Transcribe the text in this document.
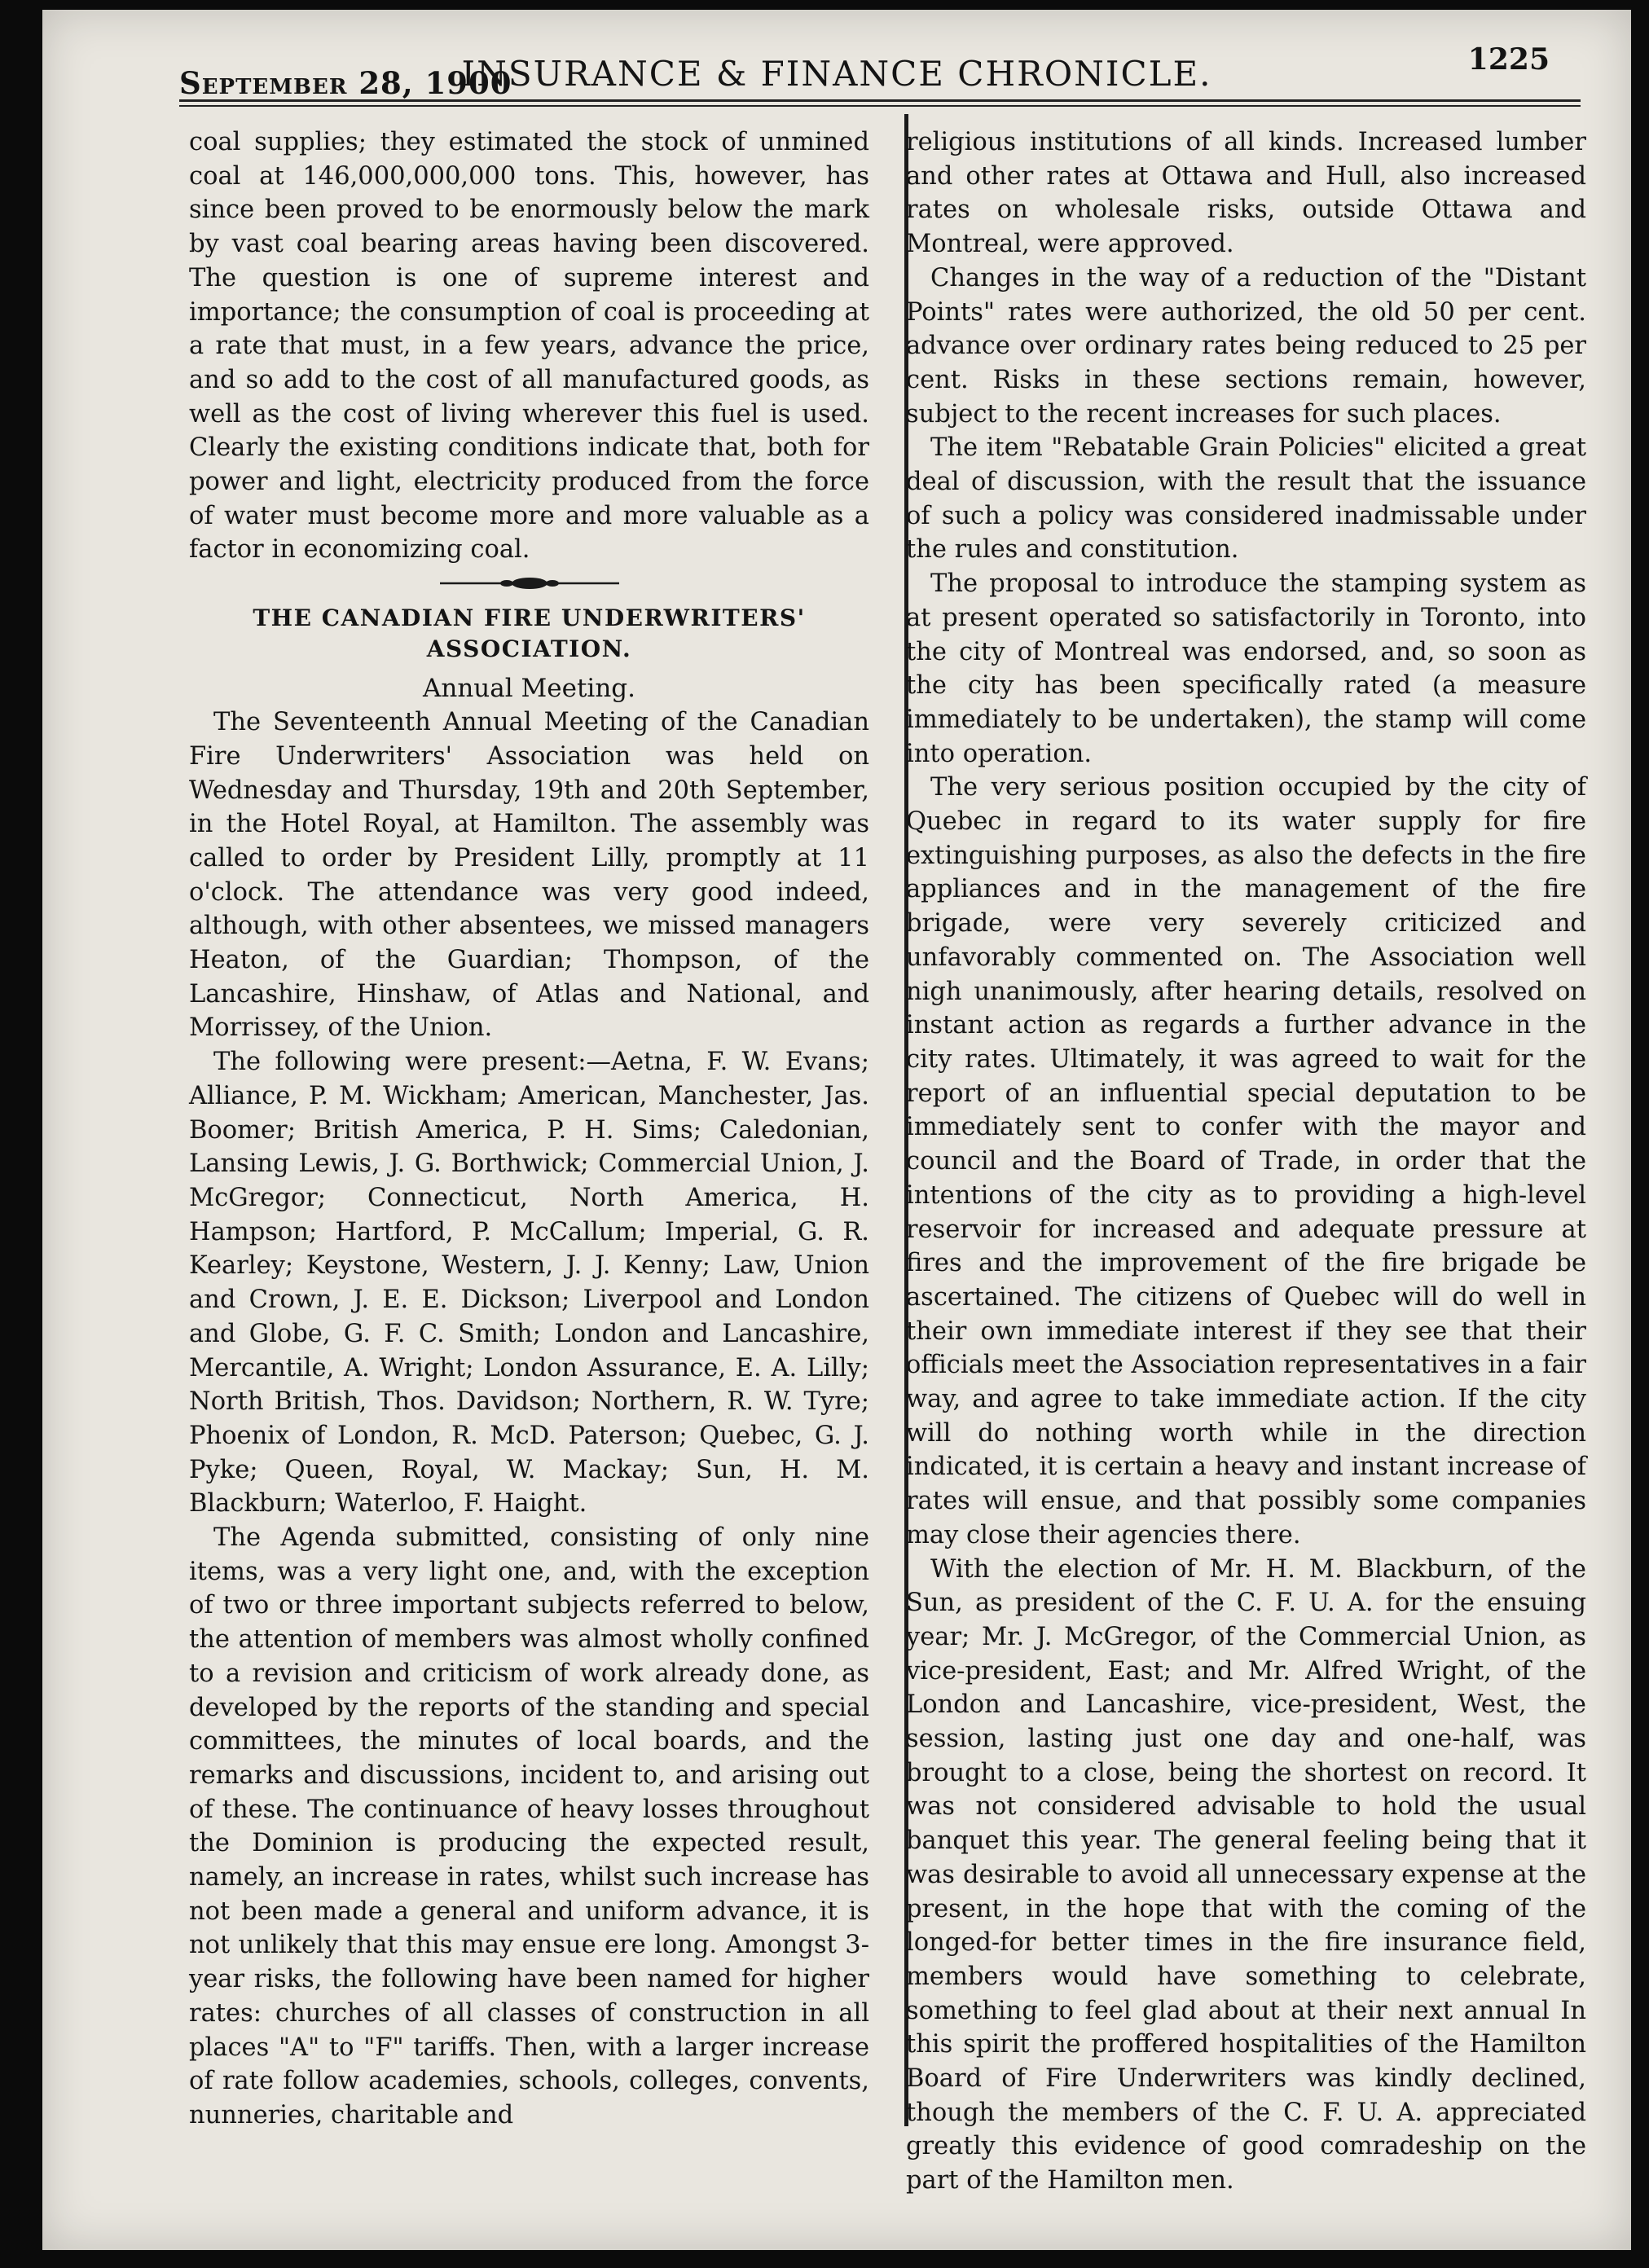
September 28, 1900
INSURANCE & FINANCE CHRONICLE.	1225

coal supplies; they estimated the stock of unmined coal at 146,000,000,000 tons. This, however, has since been proved to be enormously below the mark by vast coal bearing areas having been discovered. The question is one of supreme interest and importance; the consumption of coal is proceeding at a rate that must, in a few years, advance the price, and so add to the cost of all manufactured goods, as well as the cost of living wherever this fuel is used. Clearly the existing conditions indicate that, both for power and light, electricity produced from the force of water must become more and more valuable as a factor in economizing coal.

THE CANADIAN FIRE UNDERWRITERS' ASSOCIATION.
Annual Meeting.

The Seventeenth Annual Meeting of the Canadian Fire Underwriters' Association was held on Wednesday and Thursday, 19th and 20th September, in the Hotel Royal, at Hamilton. The assembly was called to order by President Lilly, promptly at 11 o'clock. The attendance was very good indeed, although, with other absentees, we missed managers Heaton, of the Guardian; Thompson, of the Lancashire, Hinshaw, of Atlas and National, and Morrissey, of the Union.

The following were present:—Aetna, F. W. Evans; Alliance, P. M. Wickham; American, Manchester, Jas. Boomer; British America, P. H. Sims; Caledonian, Lansing Lewis, J. G. Borthwick; Commercial Union, J. McGregor; Connecticut, North America, H. Hampson; Hartford, P. McCallum; Imperial, G. R. Kearley; Keystone, Western, J. J. Kenny; Law, Union and Crown, J. E. E. Dickson; Liverpool and London and Globe, G. F. C. Smith; London and Lancashire, Mercantile, A. Wright; London Assurance, E. A. Lilly; North British, Thos. Davidson; Northern, R. W. Tyre; Phoenix of London, R. McD. Paterson; Quebec, G. J. Pyke; Queen, Royal, W. Mackay; Sun, H. M. Blackburn; Waterloo, F. Haight.

The Agenda submitted, consisting of only nine items, was a very light one, and, with the exception of two or three important subjects referred to below, the attention of members was almost wholly confined to a revision and criticism of work already done, as developed by the reports of the standing and special committees, the minutes of local boards, and the remarks and discussions, incident to, and arising out of these. The continuance of heavy losses throughout the Dominion is producing the expected result, namely, an increase in rates, whilst such increase has not been made a general and uniform advance, it is not unlikely that this may ensue ere long. Amongst 3-year risks, the following have been named for higher rates: churches of all classes of construction in all places "A" to "F" tariffs. Then, with a larger increase of rate follow academies, schools, colleges, convents, nunneries, charitable and

religious institutions of all kinds. Increased lumber and other rates at Ottawa and Hull, also increased rates on wholesale risks, outside Ottawa and Montreal, were approved.

Changes in the way of a reduction of the "Distant Points" rates were authorized, the old 50 per cent. advance over ordinary rates being reduced to 25 per cent. Risks in these sections remain, however, subject to the recent increases for such places.

The item "Rebatable Grain Policies" elicited a great deal of discussion, with the result that the issuance of such a policy was considered inadmissable under the rules and constitution.

The proposal to introduce the stamping system as at present operated so satisfactorily in Toronto, into the city of Montreal was endorsed, and, so soon as the city has been specifically rated (a measure immediately to be undertaken), the stamp will come into operation.

The very serious position occupied by the city of Quebec in regard to its water supply for fire extinguishing purposes, as also the defects in the fire appliances and in the management of the fire brigade, were very severely criticized and unfavorably commented on. The Association well nigh unanimously, after hearing details, resolved on instant action as regards a further advance in the city rates. Ultimately, it was agreed to wait for the report of an influential special deputation to be immediately sent to confer with the mayor and council and the Board of Trade, in order that the intentions of the city as to providing a high-level reservoir for increased and adequate pressure at fires and the improvement of the fire brigade be ascertained. The citizens of Quebec will do well in their own immediate interest if they see that their officials meet the Association representatives in a fair way, and agree to take immediate action. If the city will do nothing worth while in the direction indicated, it is certain a heavy and instant increase of rates will ensue, and that possibly some companies may close their agencies there.

With the election of Mr. H. M. Blackburn, of the Sun, as president of the C. F. U. A. for the ensuing year; Mr. J. McGregor, of the Commercial Union, as vice-president, East; and Mr. Alfred Wright, of the London and Lancashire, vice-president, West, the session, lasting just one day and one-half, was brought to a close, being the shortest on record. It was not considered advisable to hold the usual banquet this year. The general feeling being that it was desirable to avoid all unnecessary expense at the present, in the hope that with the coming of the longed-for better times in the fire insurance field, members would have something to celebrate, something to feel glad about at their next annual In this spirit the proffered hospitalities of the Hamilton Board of Fire Underwriters was kindly declined, though the members of the C. F. U. A. appreciated greatly this evidence of good comradeship on the part of the Hamilton men.
